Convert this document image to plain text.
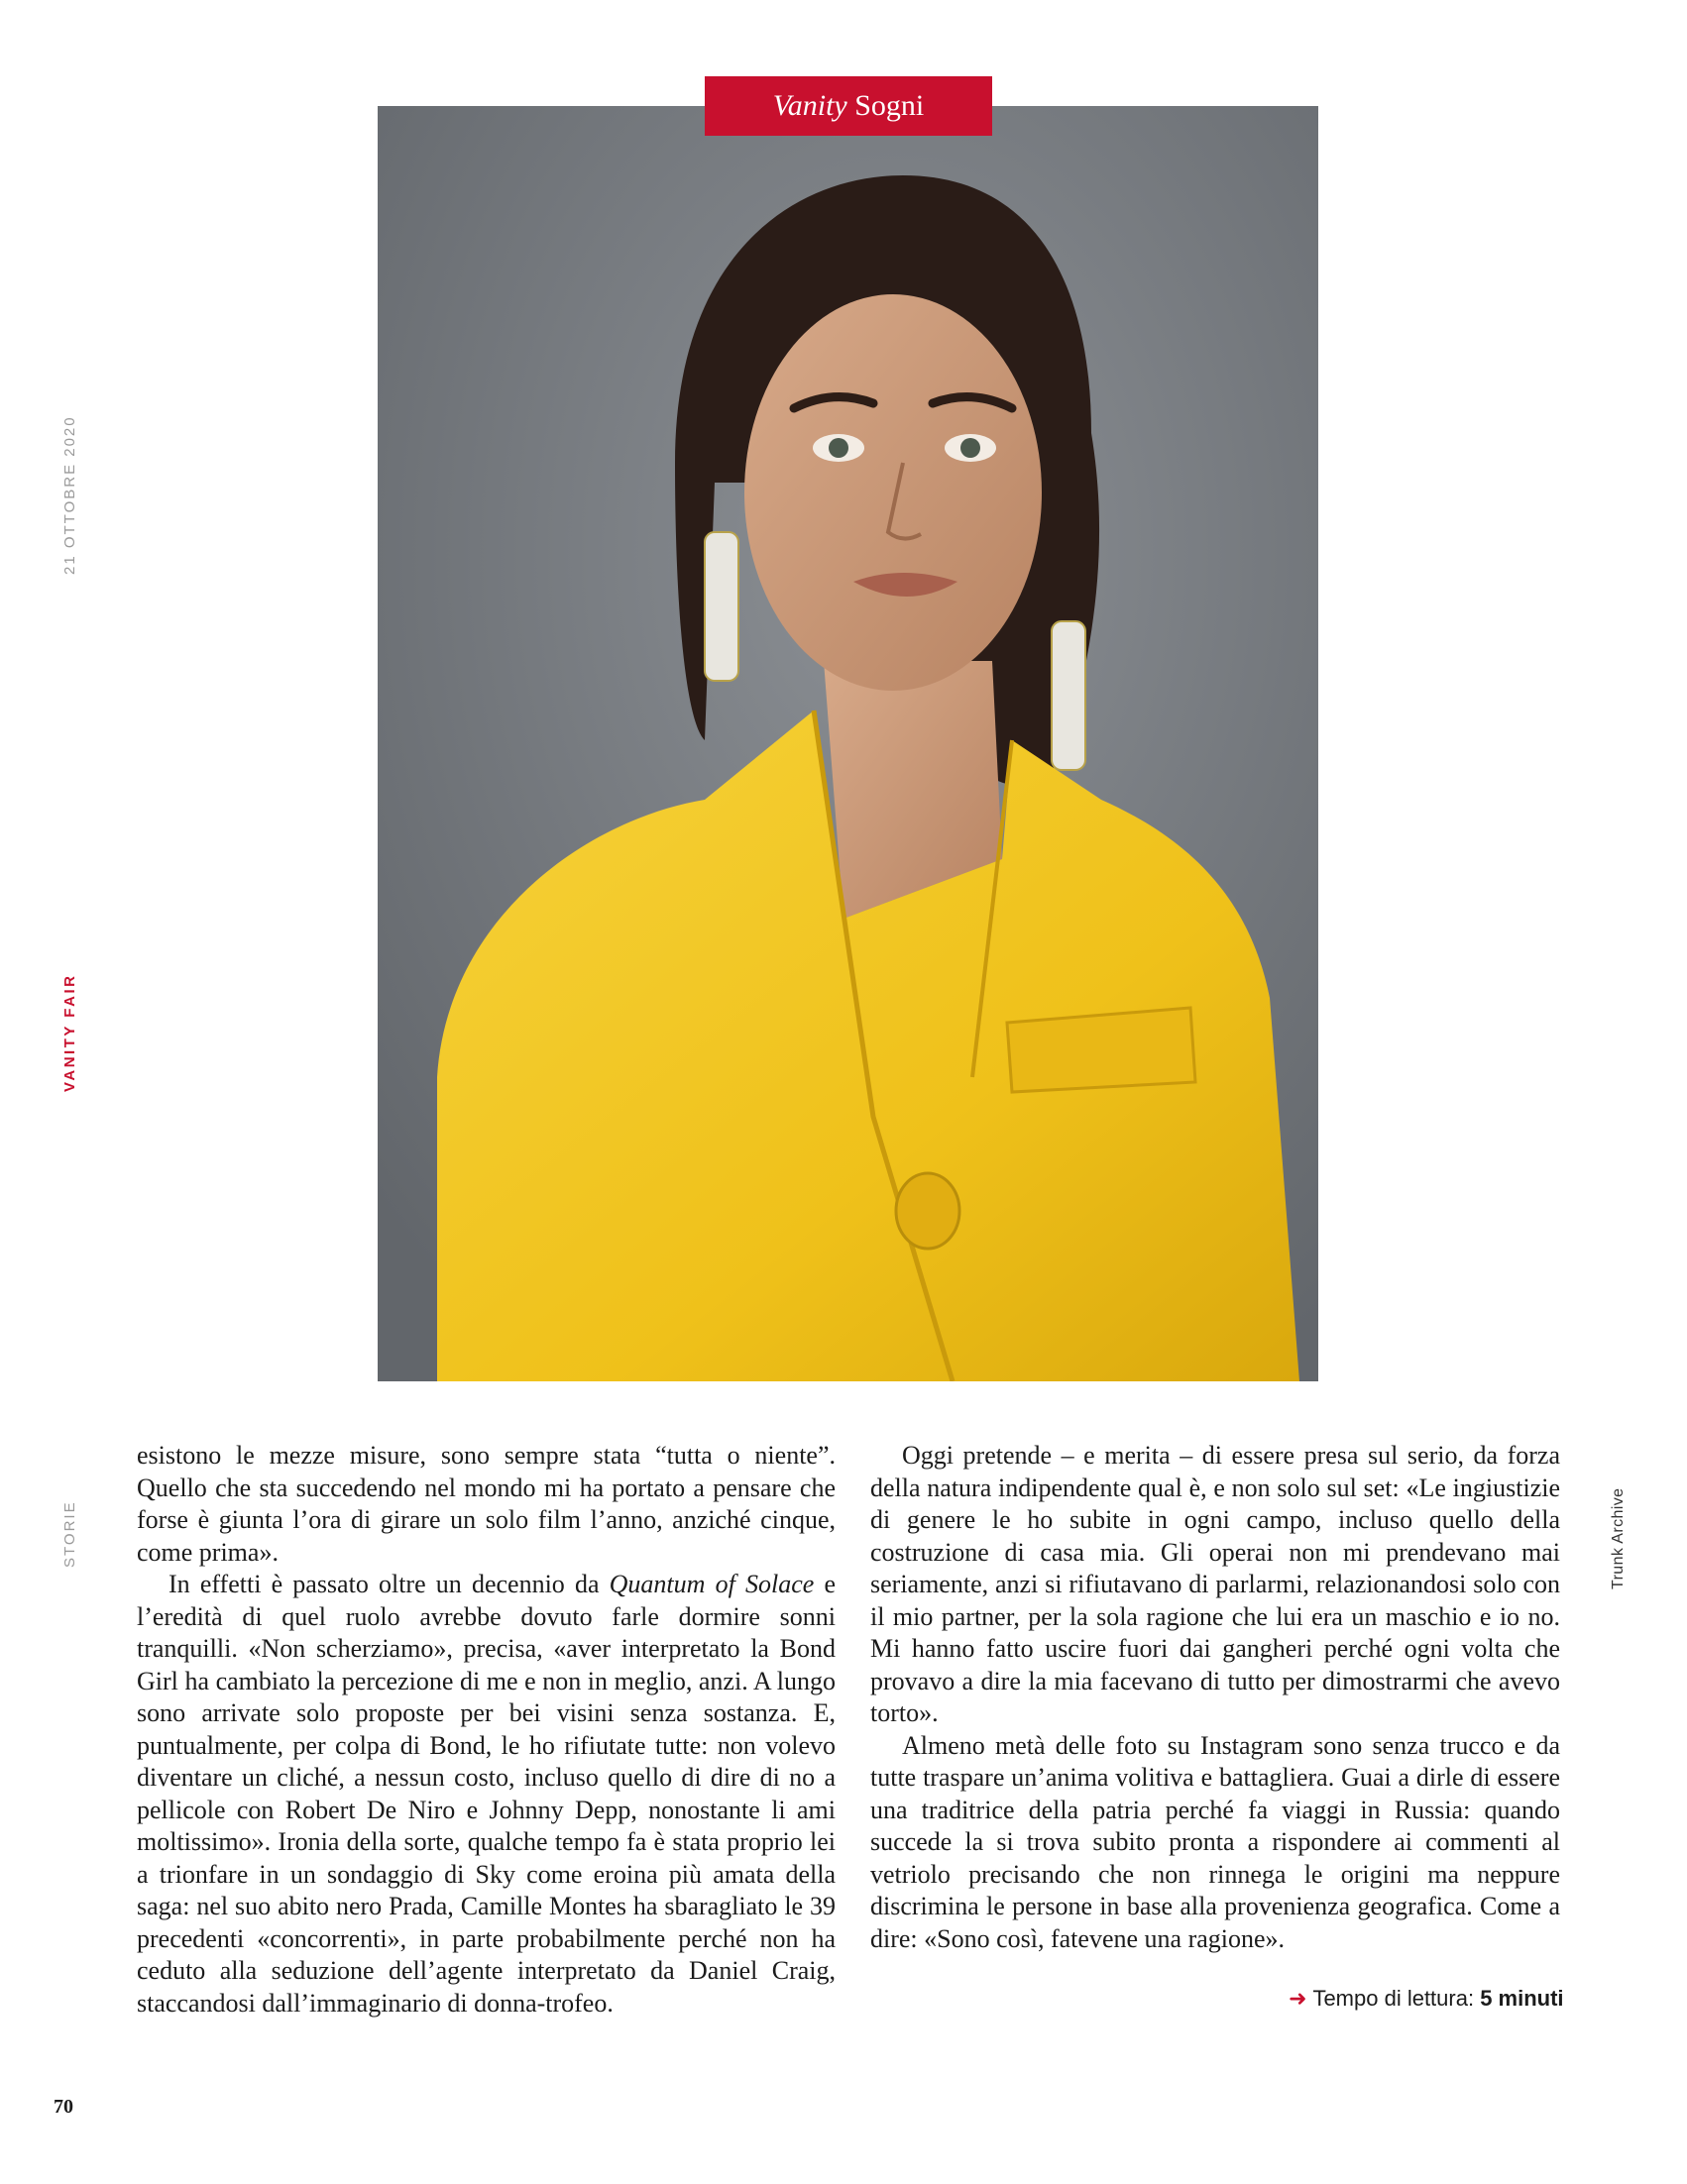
21 OTTOBRE 2020
VANITY FAIR
STORIE	Trunk Archive
Vanity Sogni

esistono le mezze misure, sono sempre stata “tutta o niente”. Quello che sta succedendo nel mondo mi ha portato a pensare che forse è giunta l’ora di girare un solo film l’anno, anziché cinque, come prima».

In effetti è passato oltre un decennio da Quantum of Solace e l’eredità di quel ruolo avrebbe dovuto farle dormire sonni tranquilli. «Non scherziamo», precisa, «aver interpretato la Bond Girl ha cambiato la percezione di me e non in meglio, anzi. A lungo sono arrivate solo proposte per bei visini senza sostanza. E, puntualmente, per colpa di Bond, le ho rifiutate tutte: non volevo diventare un cliché, a nessun costo, incluso quello di dire di no a pellicole con Robert De Niro e Johnny Depp, nonostante li ami moltissimo». Ironia della sorte, qualche tempo fa è stata proprio lei a trionfare in un sondaggio di Sky come eroina più amata della saga: nel suo abito nero Prada, Camille Montes ha sbaragliato le 39 precedenti «concorrenti», in parte probabilmente perché non ha ceduto alla seduzione dell’agente interpretato da Daniel Craig, staccandosi dall’immaginario di donna-trofeo.

Oggi pretende – e merita – di essere presa sul serio, da forza della natura indipendente qual è, e non solo sul set: «Le ingiustizie di genere le ho subite in ogni campo, incluso quello della costruzione di casa mia. Gli operai non mi prendevano mai seriamente, anzi si rifiutavano di parlarmi, relazionandosi solo con il mio partner, per la sola ragione che lui era un maschio e io no. Mi hanno fatto uscire fuori dai gangheri perché ogni volta che provavo a dire la mia facevano di tutto per dimostrarmi che avevo torto».

Almeno metà delle foto su Instagram sono senza trucco e da tutte traspare un’anima volitiva e battagliera. Guai a dirle di essere una traditrice della patria perché fa viaggi in Russia: quando succede la si trova subito pronta a rispondere ai commenti al vetriolo precisando che non rinnega le origini ma neppure discrimina le persone in base alla provenienza geografica. Come a dire: «Sono così, fatevene una ragione».

➜ Tempo di lettura: 5 minuti
70
